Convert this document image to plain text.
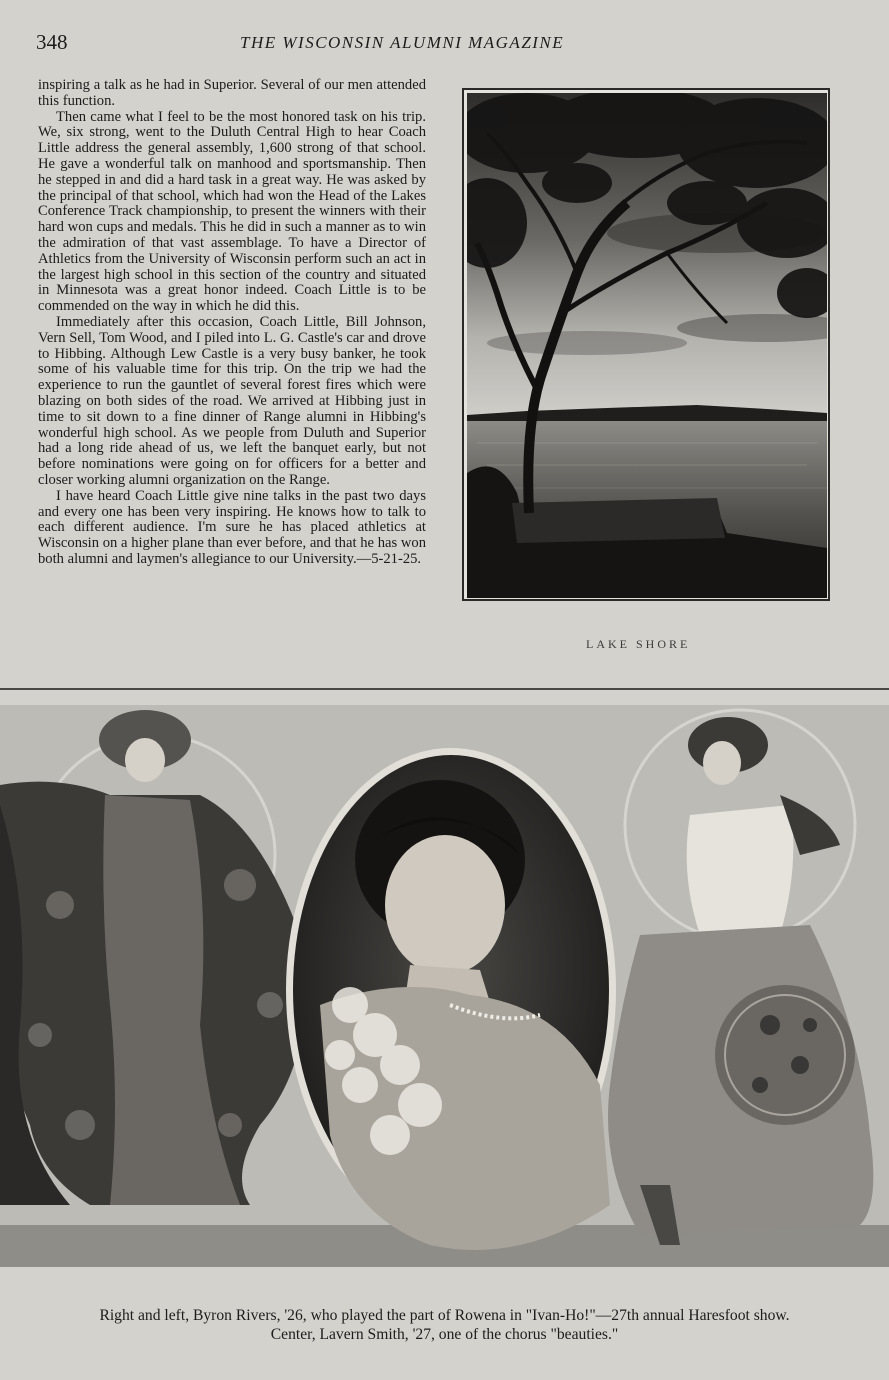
348	THE WISCONSIN ALUMNI MAGAZINE

inspiring a talk as he had in Superior. Several of our men attended this function.

Then came what I feel to be the most honored task on his trip. We, six strong, went to the Duluth Central High to hear Coach Little address the general assembly, 1,600 strong of that school. He gave a wonderful talk on manhood and sportsmanship. Then he stepped in and did a hard task in a great way. He was asked by the principal of that school, which had won the Head of the Lakes Conference Track championship, to present the winners with their hard won cups and medals. This he did in such a manner as to win the admiration of that vast assemblage. To have a Director of Athletics from the University of Wisconsin perform such an act in the largest high school in this section of the country and situated in Minnesota was a great honor indeed. Coach Little is to be commended on the way in which he did this.

Immediately after this occasion, Coach Little, Bill Johnson, Vern Sell, Tom Wood, and I piled into L. G. Castle's car and drove to Hibbing. Although Lew Castle is a very busy banker, he took some of his valuable time for this trip. On the trip we had the experience to run the gauntlet of several forest fires which were blazing on both sides of the road. We arrived at Hibbing just in time to sit down to a fine dinner of Range alumni in Hibbing's wonderful high school. As we people from Duluth and Superior had a long ride ahead of us, we left the banquet early, but not before nominations were going on for officers for a better and closer working alumni organization on the Range.

I have heard Coach Little give nine talks in the past two days and every one has been very inspiring. He knows how to talk to each different audience. I'm sure he has placed athletics at Wisconsin on a higher plane than ever before, and that he has won both alumni and laymen's allegiance to our University.—5-21-25.

LAKE SHORE
Right and left, Byron Rivers, '26, who played the part of Rowena in "Ivan-Ho!"—27th annual Haresfoot show.
Center, Lavern Smith, '27, one of the chorus "beauties."
